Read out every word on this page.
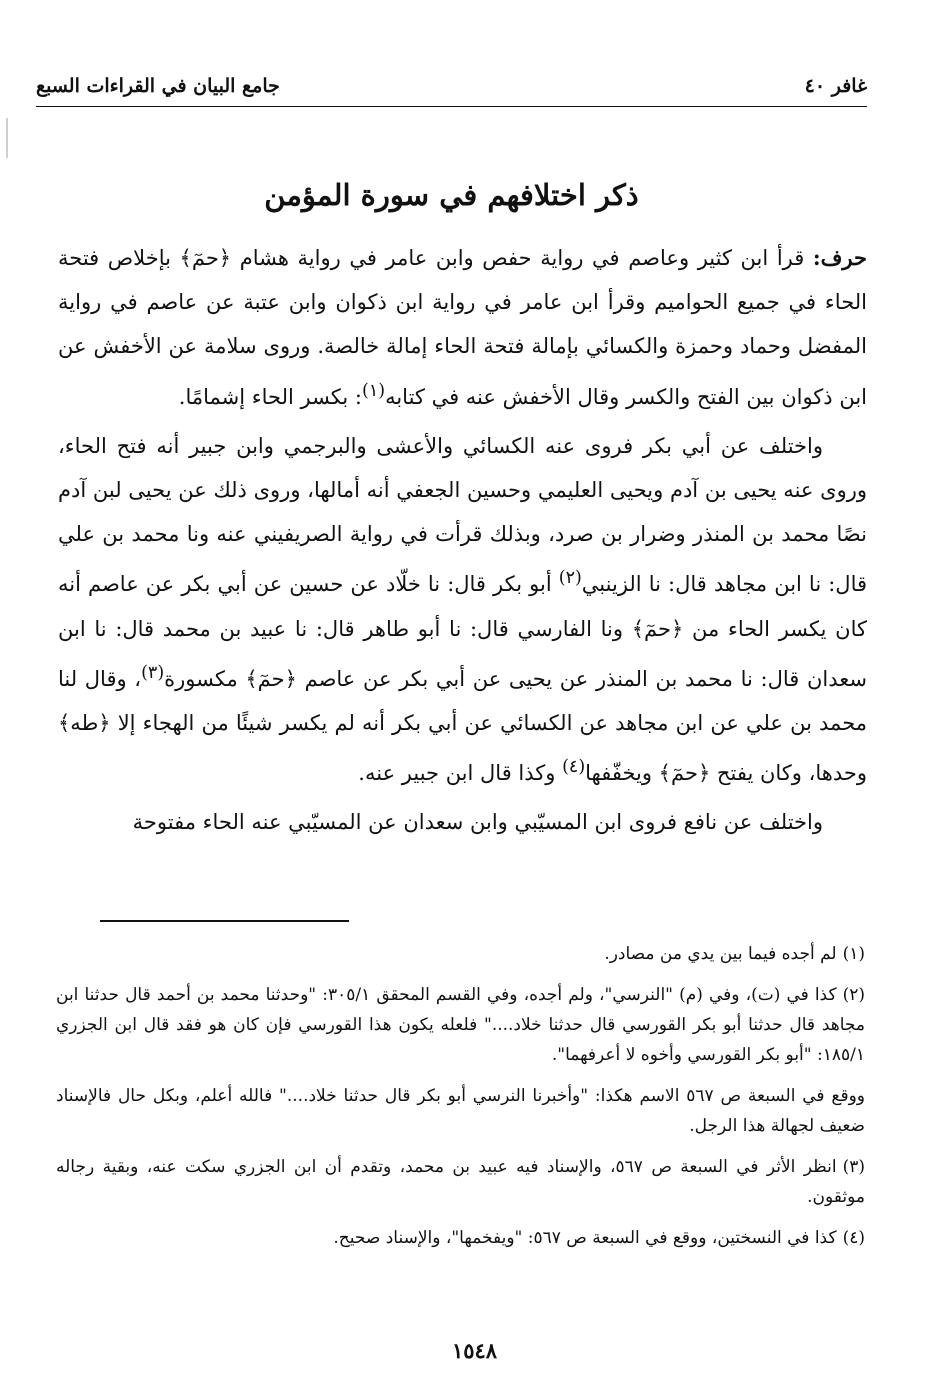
غافر ٤٠
جامع البيان في القراءات السبع
ذكر اختلافهم في سورة المؤمن

حرف: قرأ ابن كثير وعاصم في رواية حفص وابن عامر في رواية هشام ﴿حمٓ﴾ بإخلاص فتحة الحاء في جميع الحواميم وقرأ ابن عامر في رواية ابن ذكوان وابن عتبة عن عاصم في رواية المفضل وحماد وحمزة والكسائي بإمالة فتحة الحاء إمالة خالصة. وروى سلامة عن الأخفش عن ابن ذكوان بين الفتح والكسر وقال الأخفش عنه في كتابه$^{(١)}$: بكسر الحاء إشمامًا.

واختلف عن أبي بكر فروى عنه الكسائي والأعشى والبرجمي وابن جبير أنه فتح الحاء، وروى عنه يحيى بن آدم ويحيى العليمي وحسين الجعفي أنه أمالها، وروى ذلك عن يحيى لبن آدم نصًا محمد بن المنذر وضرار بن صرد، وبذلك قرأت في رواية الصريفيني عنه ونا محمد بن علي قال: نا ابن مجاهد قال: نا الزينبي$^{(٢)}$ أبو بكر قال: نا خلّاد عن حسين عن أبي بكر عن عاصم أنه كان يكسر الحاء من ﴿حمٓ﴾ ونا الفارسي قال: نا أبو طاهر قال: نا عبيد بن محمد قال: نا ابن سعدان قال: نا محمد بن المنذر عن يحيى عن أبي بكر عن عاصم ﴿حمٓ﴾ مكسورة$^{(٣)}$، وقال لنا محمد بن علي عن ابن مجاهد عن الكسائي عن أبي بكر أنه لم يكسر شيئًا من الهجاء إلا ﴿طه﴾ وحدها، وكان يفتح ﴿حمٓ﴾ ويخفّفها$^{(٤)}$ وكذا قال ابن جبير عنه.

واختلف عن نافع فروى ابن المسيّبي وابن سعدان عن المسيّبي عنه الحاء مفتوحة

(١)لم أجده فيما بين يدي من مصادر.

(٢)كذا في (ت)، وفي (م) "النرسي"، ولم أجده، وفي القسم المحقق ٣٠٥/١: "وحدثنا محمد بن أحمد قال حدثنا ابن مجاهد قال حدثنا أبو بكر القورسي قال حدثنا خلاد...." فلعله يكون هذا القورسي فإن كان هو فقد قال ابن الجزري ١٨٥/١: "أبو بكر القورسي وأخوه لا أعرفهما".

ووقع في السبعة ص ٥٦٧ الاسم هكذا: "وأخبرنا النرسي أبو بكر قال حدثنا خلاد...." فالله أعلم، وبكل حال فالإسناد ضعيف لجهالة هذا الرجل.

(٣)انظر الأثر في السبعة ص ٥٦٧، والإسناد فيه عبيد بن محمد، وتقدم أن ابن الجزري سكت عنه، وبقية رجاله موثقون.

(٤)كذا في النسختين، ووقع في السبعة ص ٥٦٧: "ويفخمها"، والإسناد صحيح.

١٥٤٨
